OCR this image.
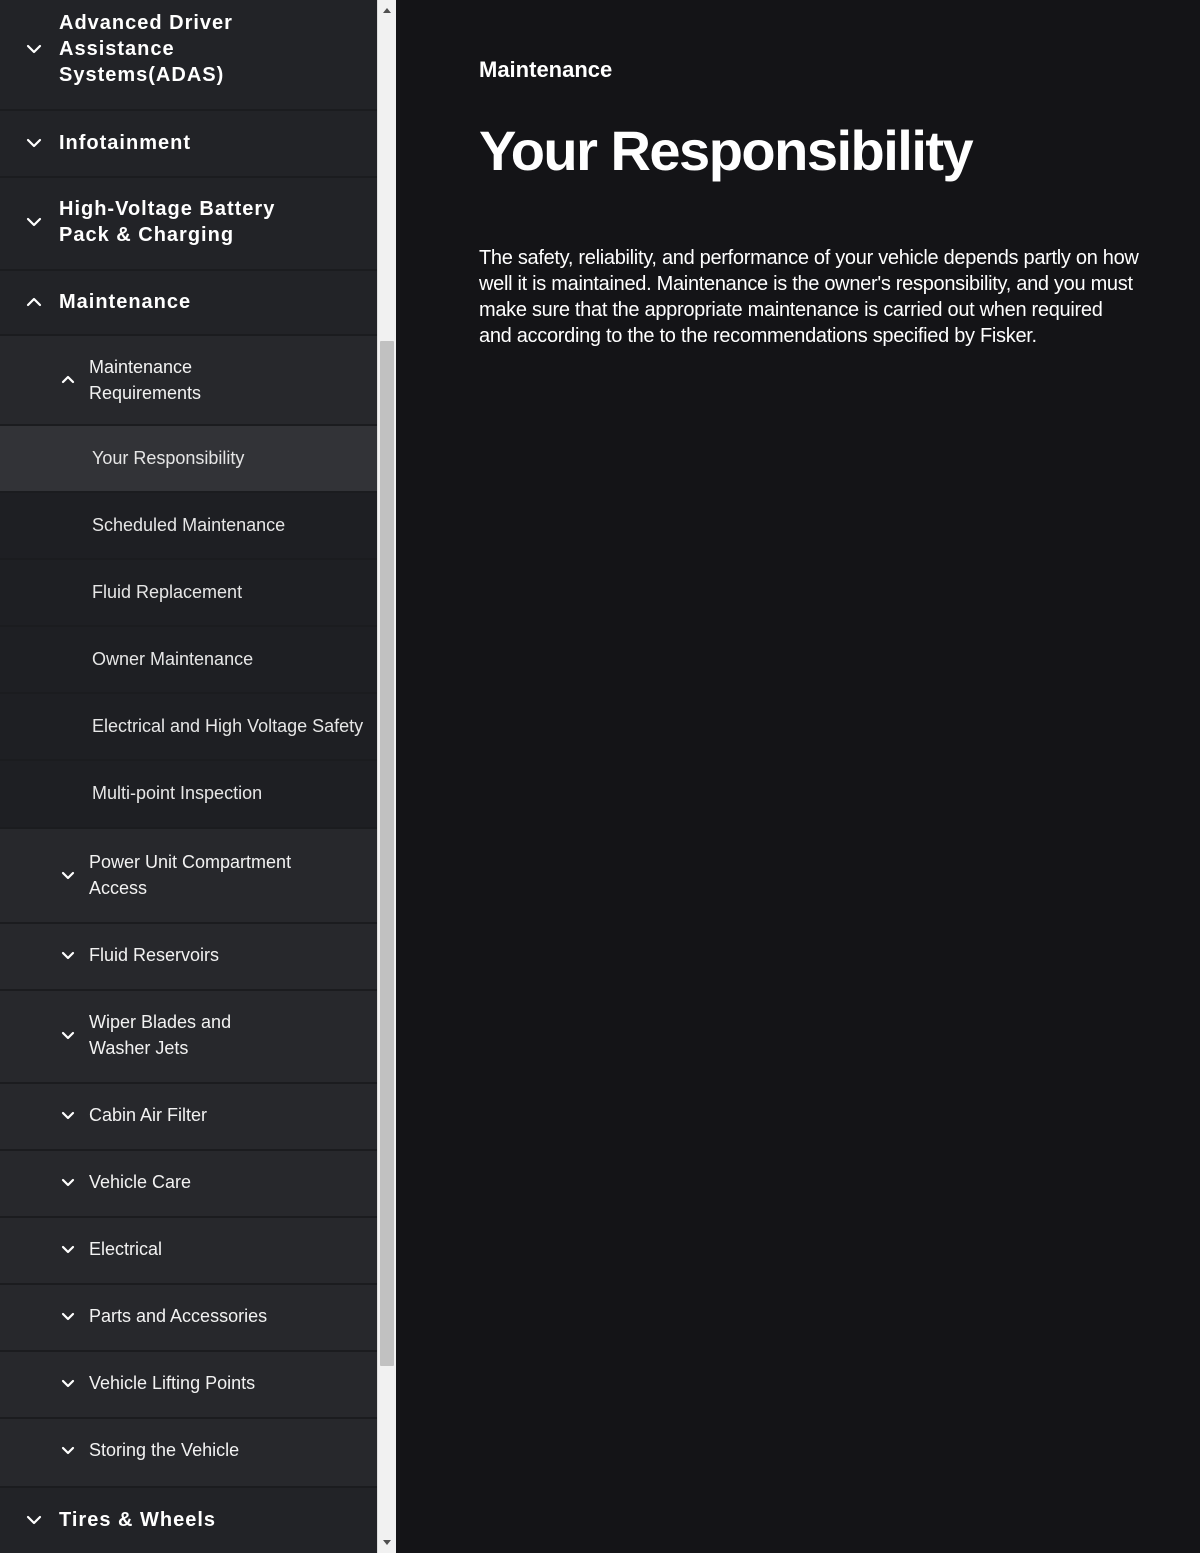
Advanced Driver Assistance Systems(ADAS)
Infotainment
High-Voltage Battery Pack & Charging
Maintenance
Maintenance Requirements
Your Responsibility
Scheduled Maintenance
Fluid Replacement
Owner Maintenance
Electrical and High Voltage Safety
Multi-point Inspection
Power Unit Compartment Access
Fluid Reservoirs
Wiper Blades and Washer Jets
Cabin Air Filter
Vehicle Care
Electrical
Parts and Accessories
Vehicle Lifting Points
Storing the Vehicle
Tires & Wheels
Maintenance
Your Responsibility

The safety, reliability, and performance of your vehicle depends partly on how well it is maintained. Maintenance is the owner's responsibility, and you must make sure that the appropriate maintenance is carried out when required and according to the to the recommendations specified by Fisker.
